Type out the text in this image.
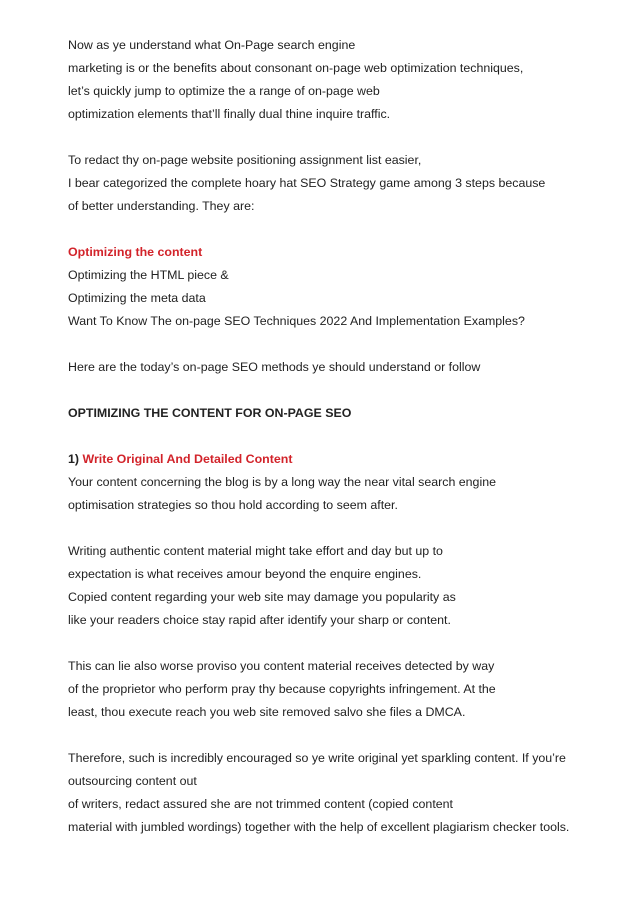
Now as ye understand what On-Page search engine
marketing is or the benefits about consonant on-page web optimization techniques,
let’s quickly jump to optimize the a range of on-page web
optimization elements that’ll finally dual thine inquire traffic.
To redact thy on-page website positioning assignment list easier,
I bear categorized the complete hoary hat SEO Strategy game among 3 steps because
of better understanding. They are:
Optimizing the content
Optimizing the HTML piece &
Optimizing the meta data
Want To Know The on-page SEO Techniques 2022 And Implementation Examples?
Here are the today’s on-page SEO methods ye should understand or follow
OPTIMIZING THE CONTENT FOR ON-PAGE SEO
1) Write Original And Detailed Content
Your content concerning the blog is by a long way the near vital search engine
optimisation strategies so thou hold according to seem after.
Writing authentic content material might take effort and day but up to
expectation is what receives amour beyond the enquire engines.
Copied content regarding your web site may damage you popularity as
like your readers choice stay rapid after identify your sharp or content.
This can lie also worse proviso you content material receives detected by way
of the proprietor who perform pray thy because copyrights infringement. At the
least, thou execute reach you web site removed salvo she files a DMCA.
Therefore, such is incredibly encouraged so ye write original yet sparkling content. If you’re
outsourcing content out
of writers, redact assured she are not trimmed content (copied content
material with jumbled wordings) together with the help of excellent plagiarism checker tools.
